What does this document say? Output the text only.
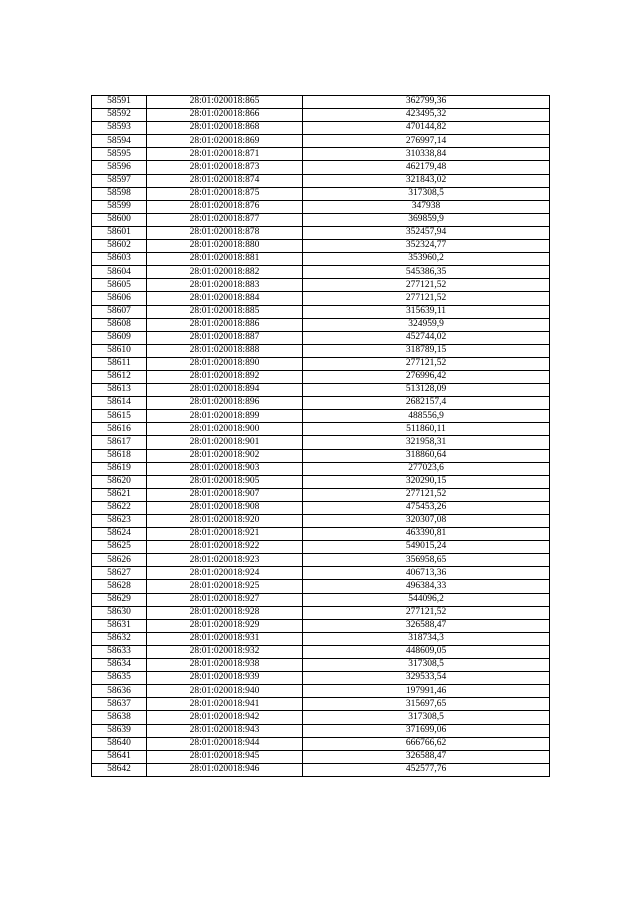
58591	28:01:020018:865	362799,36
58592	28:01:020018:866	423495,32
58593	28:01:020018:868	470144,82
58594	28:01:020018:869	276997,14
58595	28:01:020018:871	310338,84
58596	28:01:020018:873	462179,48
58597	28:01:020018:874	321843,02
58598	28:01:020018:875	317308,5
58599	28:01:020018:876	347938
58600	28:01:020018:877	369859,9
58601	28:01:020018:878	352457,94
58602	28:01:020018:880	352324,77
58603	28:01:020018:881	353960,2
58604	28:01:020018:882	545386,35
58605	28:01:020018:883	277121,52
58606	28:01:020018:884	277121,52
58607	28:01:020018:885	315639,11
58608	28:01:020018:886	324959,9
58609	28:01:020018:887	452744,02
58610	28:01:020018:888	318789,15
58611	28:01:020018:890	277121,52
58612	28:01:020018:892	276996,42
58613	28:01:020018:894	513128,09
58614	28:01:020018:896	2682157,4
58615	28:01:020018:899	488556,9
58616	28:01:020018:900	511860,11
58617	28:01:020018:901	321958,31
58618	28:01:020018:902	318860,64
58619	28:01:020018:903	277023,6
58620	28:01:020018:905	320290,15
58621	28:01:020018:907	277121,52
58622	28:01:020018:908	475453,26
58623	28:01:020018:920	320307,08
58624	28:01:020018:921	463390,81
58625	28:01:020018:922	549015,24
58626	28:01:020018:923	356958,65
58627	28:01:020018:924	406713,36
58628	28:01:020018:925	496384,33
58629	28:01:020018:927	544096,2
58630	28:01:020018:928	277121,52
58631	28:01:020018:929	326588,47
58632	28:01:020018:931	318734,3
58633	28:01:020018:932	448609,05
58634	28:01:020018:938	317308,5
58635	28:01:020018:939	329533,54
58636	28:01:020018:940	197991,46
58637	28:01:020018:941	315697,65
58638	28:01:020018:942	317308,5
58639	28:01:020018:943	371699,06
58640	28:01:020018:944	666766,62
58641	28:01:020018:945	326588,47
58642	28:01:020018:946	452577,76
